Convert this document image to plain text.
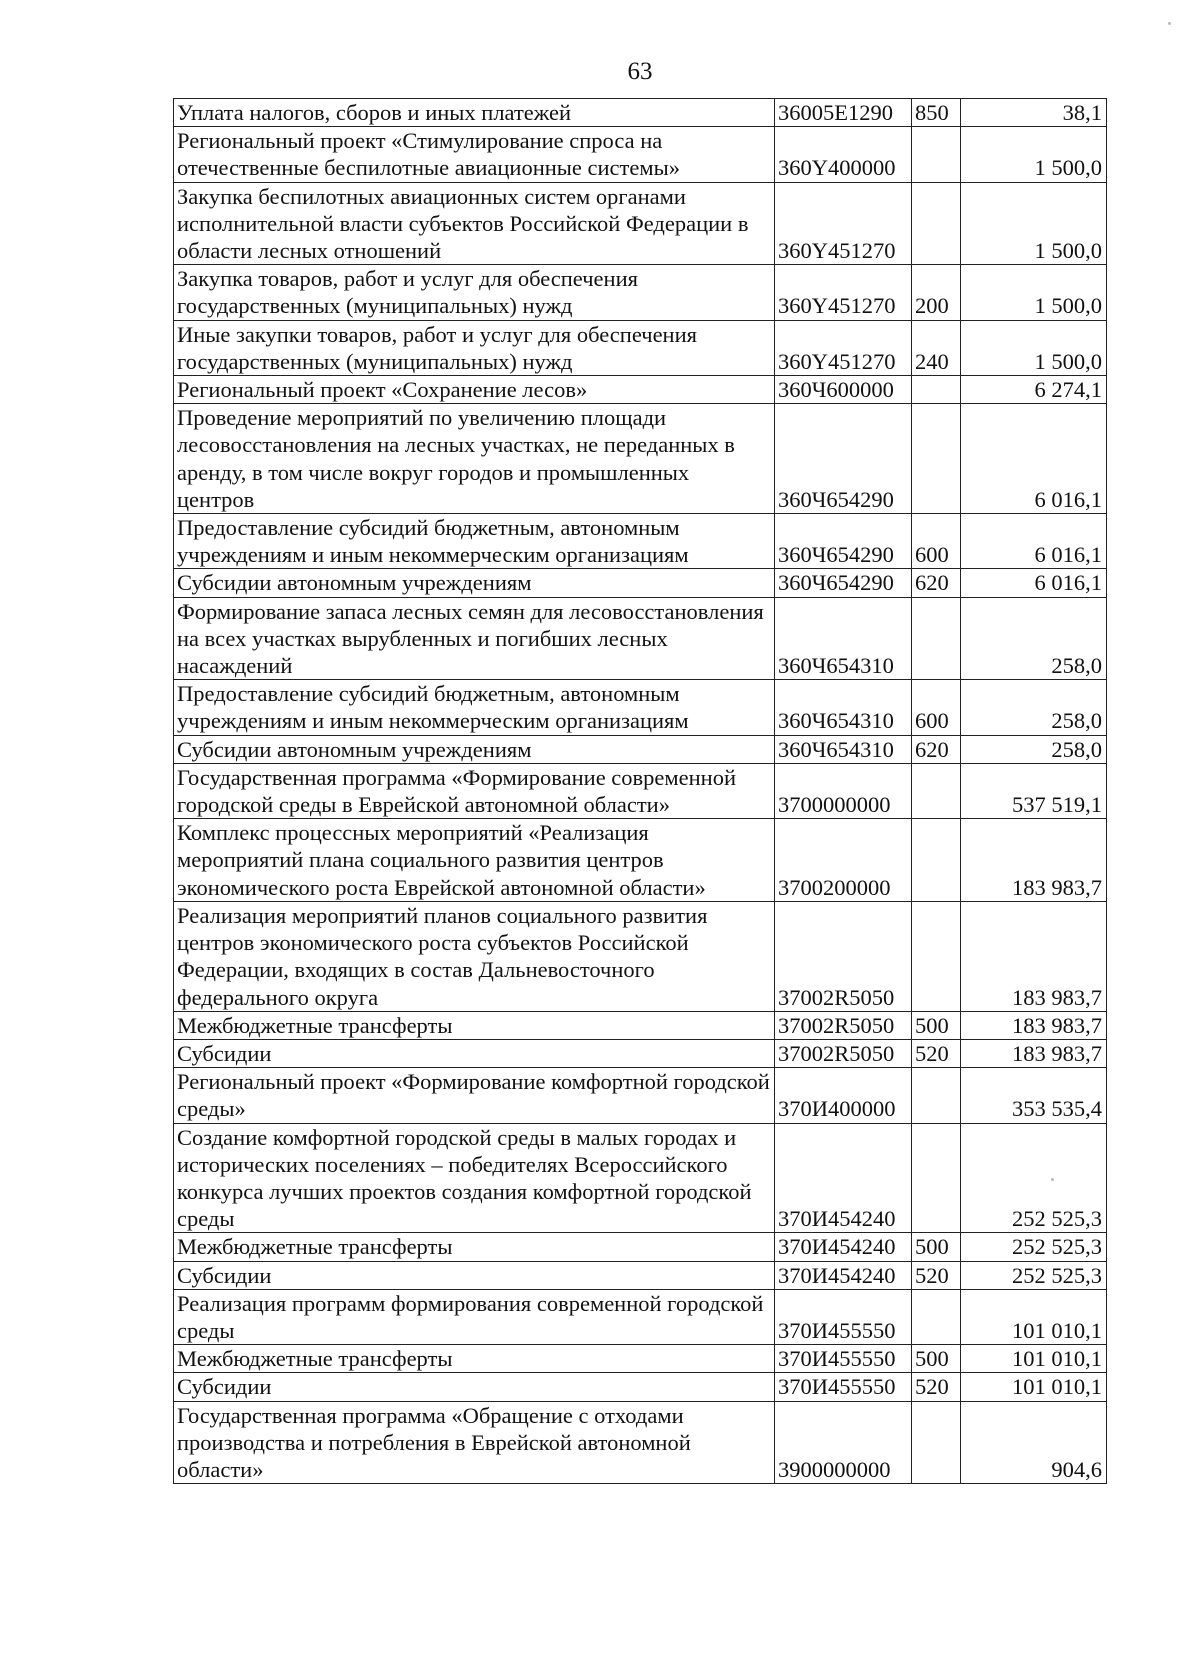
63
Уплата налогов, сборов и иных платежей	36005Е1290	850	38,1
Региональный проект «Стимулирование спроса на отечественные беспилотные авиационные системы»	360Y400000		1 500,0
Закупка беспилотных авиационных систем органами исполнительной власти субъектов Российской Федерации в области лесных отношений	360Y451270		1 500,0
Закупка товаров, работ и услуг для обеспечения государственных (муниципальных) нужд	360Y451270	200	1 500,0
Иные закупки товаров, работ и услуг для обеспечения государственных (муниципальных) нужд	360Y451270	240	1 500,0
Региональный проект «Сохранение лесов»	360Ч600000		6 274,1
Проведение мероприятий по увеличению площади лесовосстановления на лесных участках, не переданных в аренду, в том числе вокруг городов и промышленных центров	360Ч654290		6 016,1
Предоставление субсидий бюджетным, автономным учреждениям и иным некоммерческим организациям	360Ч654290	600	6 016,1
Субсидии автономным учреждениям	360Ч654290	620	6 016,1
Формирование запаса лесных семян для лесовосстановления на всех участках вырубленных и погибших лесных насаждений	360Ч654310		258,0
Предоставление субсидий бюджетным, автономным учреждениям и иным некоммерческим организациям	360Ч654310	600	258,0
Субсидии автономным учреждениям	360Ч654310	620	258,0
Государственная программа «Формирование современной городской среды в Еврейской автономной области»	3700000000		537 519,1
Комплекс процессных мероприятий «Реализация мероприятий плана социального развития центров экономического роста Еврейской автономной области»	3700200000		183 983,7
Реализация мероприятий планов социального развития центров экономического роста субъектов Российской Федерации, входящих в состав Дальневосточного федерального округа	37002R5050		183 983,7
Межбюджетные трансферты	37002R5050	500	183 983,7
Субсидии	37002R5050	520	183 983,7
Региональный проект «Формирование комфортной городской среды»	370И400000		353 535,4
Создание комфортной городской среды в малых городах и исторических поселениях – победителях Всероссийского конкурса лучших проектов создания комфортной городской среды	370И454240		252 525,3
Межбюджетные трансферты	370И454240	500	252 525,3
Субсидии	370И454240	520	252 525,3
Реализация программ формирования современной городской среды	370И455550		101 010,1
Межбюджетные трансферты	370И455550	500	101 010,1
Субсидии	370И455550	520	101 010,1
Государственная программа «Обращение с отходами производства и потребления в Еврейской автономной области»	3900000000		904,6
